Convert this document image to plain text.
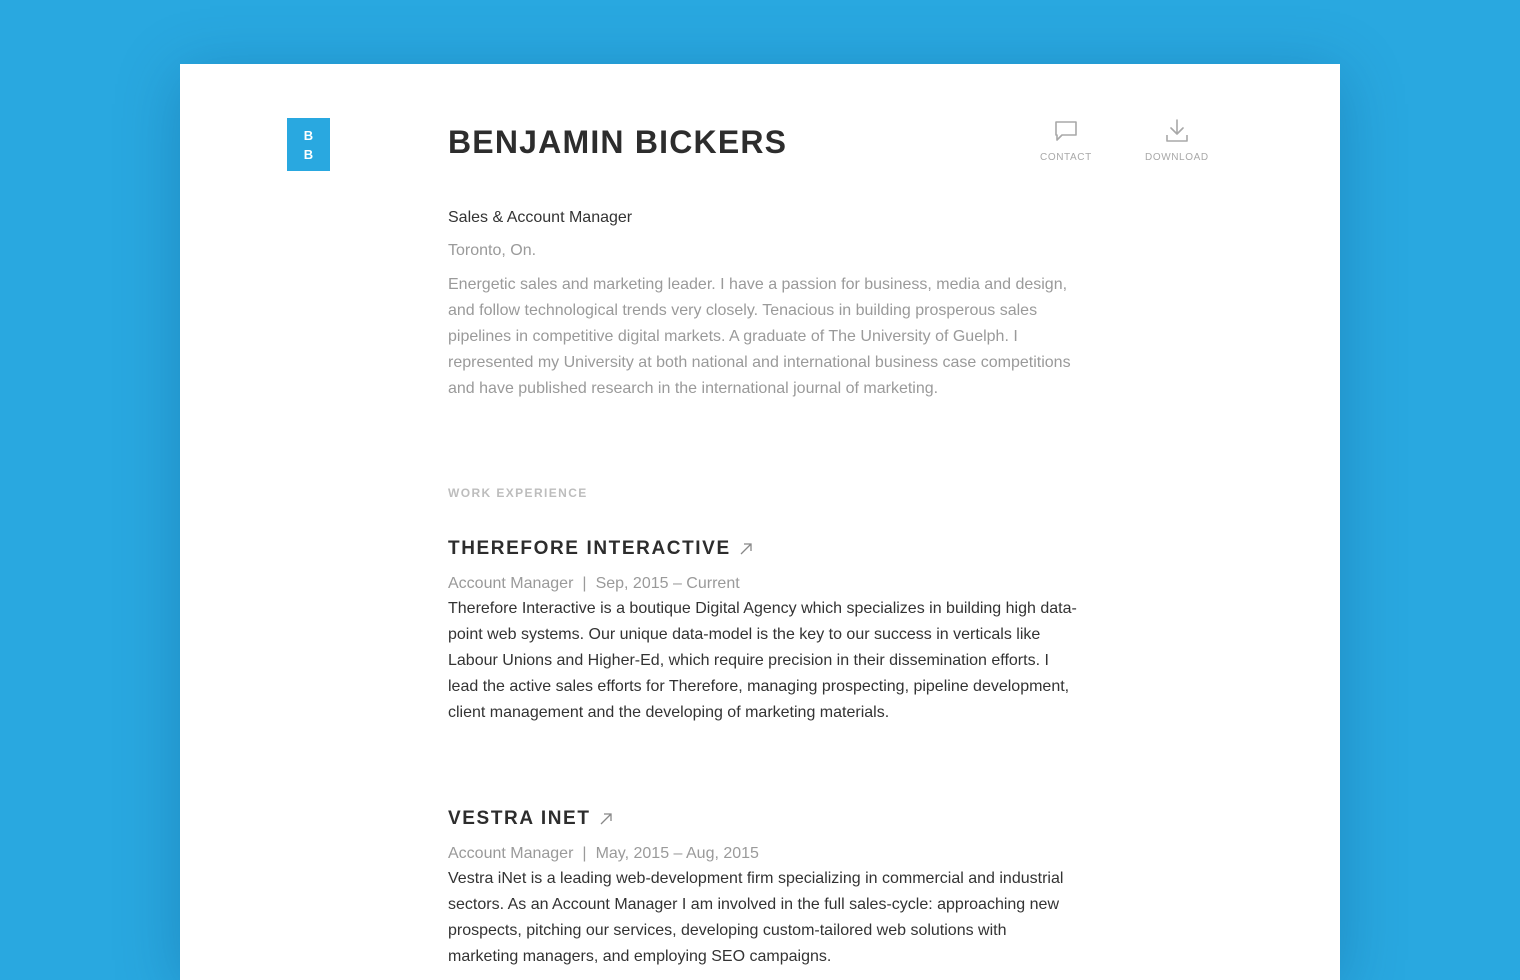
B
B	BENJAMIN BICKERS	CONTACT	DOWNLOAD
Sales & Account Manager
Toronto, On.
Energetic sales and marketing leader. I have a passion for business, media and design, and follow technological trends very closely. Tenacious in building prosperous sales pipelines in competitive digital markets. A graduate of The University of Guelph. I represented my University at both national and international business case competitions and have published research in the international journal of marketing.
WORK EXPERIENCE
THEREFORE INTERACTIVE
Account Manager | Sep, 2015 – Current
Therefore Interactive is a boutique Digital Agency which specializes in building high data-point web systems. Our unique data-model is the key to our success in verticals like Labour Unions and Higher-Ed, which require precision in their dissemination efforts. I lead the active sales efforts for Therefore, managing prospecting, pipeline development, client management and the developing of marketing materials.
VESTRA INET
Account Manager | May, 2015 – Aug, 2015
Vestra iNet is a leading web-development firm specializing in commercial and industrial sectors. As an Account Manager I am involved in the full sales-cycle: approaching new prospects, pitching our services, developing custom-tailored web solutions with marketing managers, and employing SEO campaigns.
